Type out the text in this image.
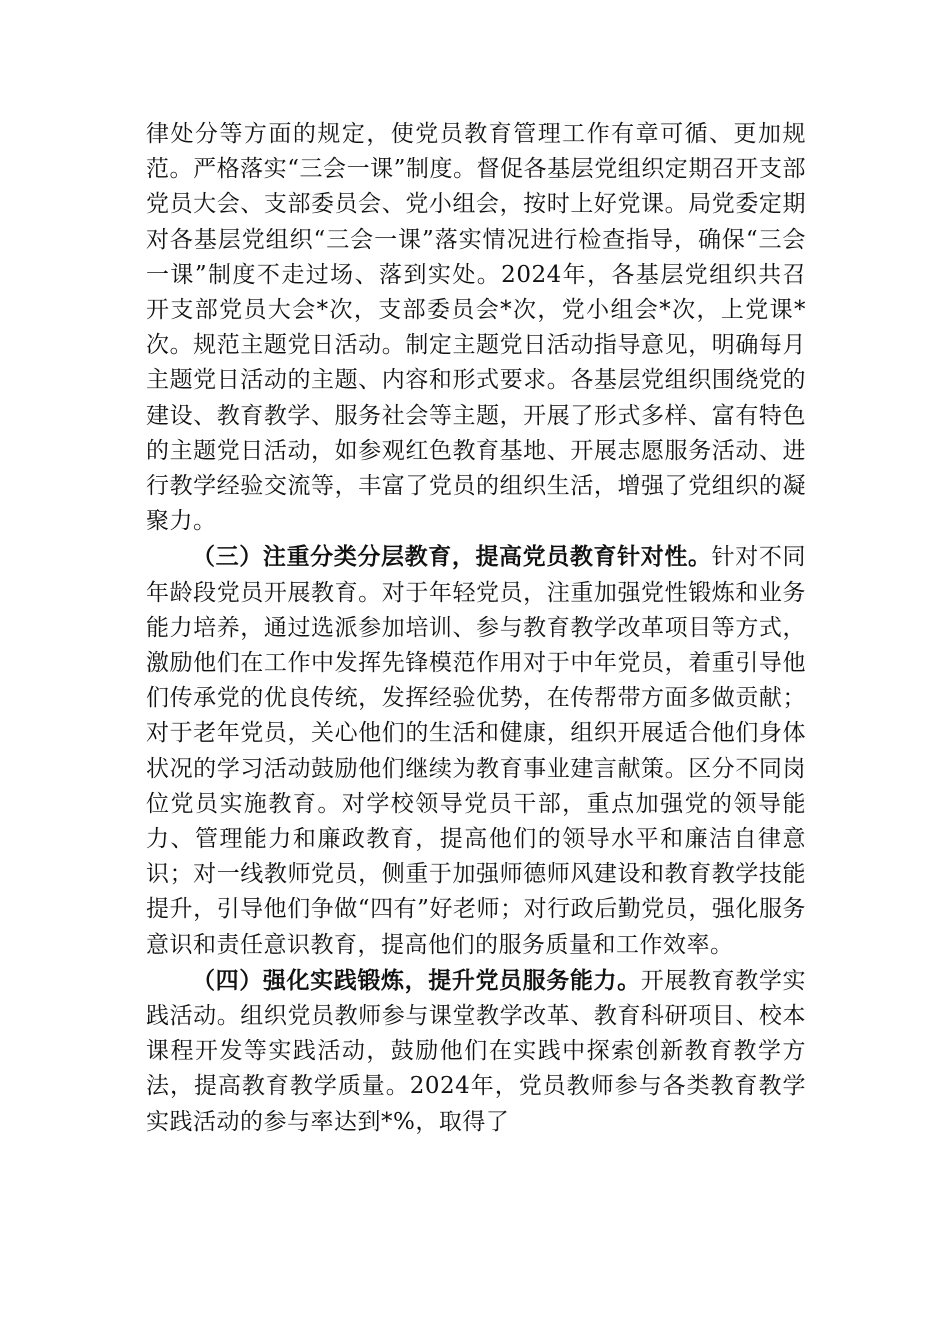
律处分等方面的规定，使党员教育管理工作有章可循、更加规范。严格落实“三会一课”制度。督促各基层党组织定期召开支部党员大会、支部委员会、党小组会，按时上好党课。局党委定期对各基层党组织“三会一课”落实情况进行检查指导，确保“三会一课”制度不走过场、落到实处。2024年，各基层党组织共召开支部党员大会*次，支部委员会*次，党小组会*次，上党课*次。规范主题党日活动。制定主题党日活动指导意见，明确每月主题党日活动的主题、内容和形式要求。各基层党组织围绕党的建设、教育教学、服务社会等主题，开展了形式多样、富有特色的主题党日活动，如参观红色教育基地、开展志愿服务活动、进行教学经验交流等，丰富了党员的组织生活，增强了党组织的凝聚力。

（三）注重分类分层教育，提高党员教育针对性。针对不同年龄段党员开展教育。对于年轻党员，注重加强党性锻炼和业务能力培养，通过选派参加培训、参与教育教学改革项目等方式，激励他们在工作中发挥先锋模范作用对于中年党员，着重引导他们传承党的优良传统，发挥经验优势，在传帮带方面多做贡献；对于老年党员，关心他们的生活和健康，组织开展适合他们身体状况的学习活动鼓励他们继续为教育事业建言献策。区分不同岗位党员实施教育。对学校领导党员干部，重点加强党的领导能力、管理能力和廉政教育，提高他们的领导水平和廉洁自律意识；对一线教师党员，侧重于加强师德师风建设和教育教学技能提升，引导他们争做“四有”好老师；对行政后勤党员，强化服务意识和责任意识教育，提高他们的服务质量和工作效率。

（四）强化实践锻炼，提升党员服务能力。开展教育教学实践活动。组织党员教师参与课堂教学改革、教育科研项目、校本课程开发等实践活动，鼓励他们在实践中探索创新教育教学方法，提高教育教学质量。2024年，党员教师参与各类教育教学实践活动的参与率达到*%，取得了
